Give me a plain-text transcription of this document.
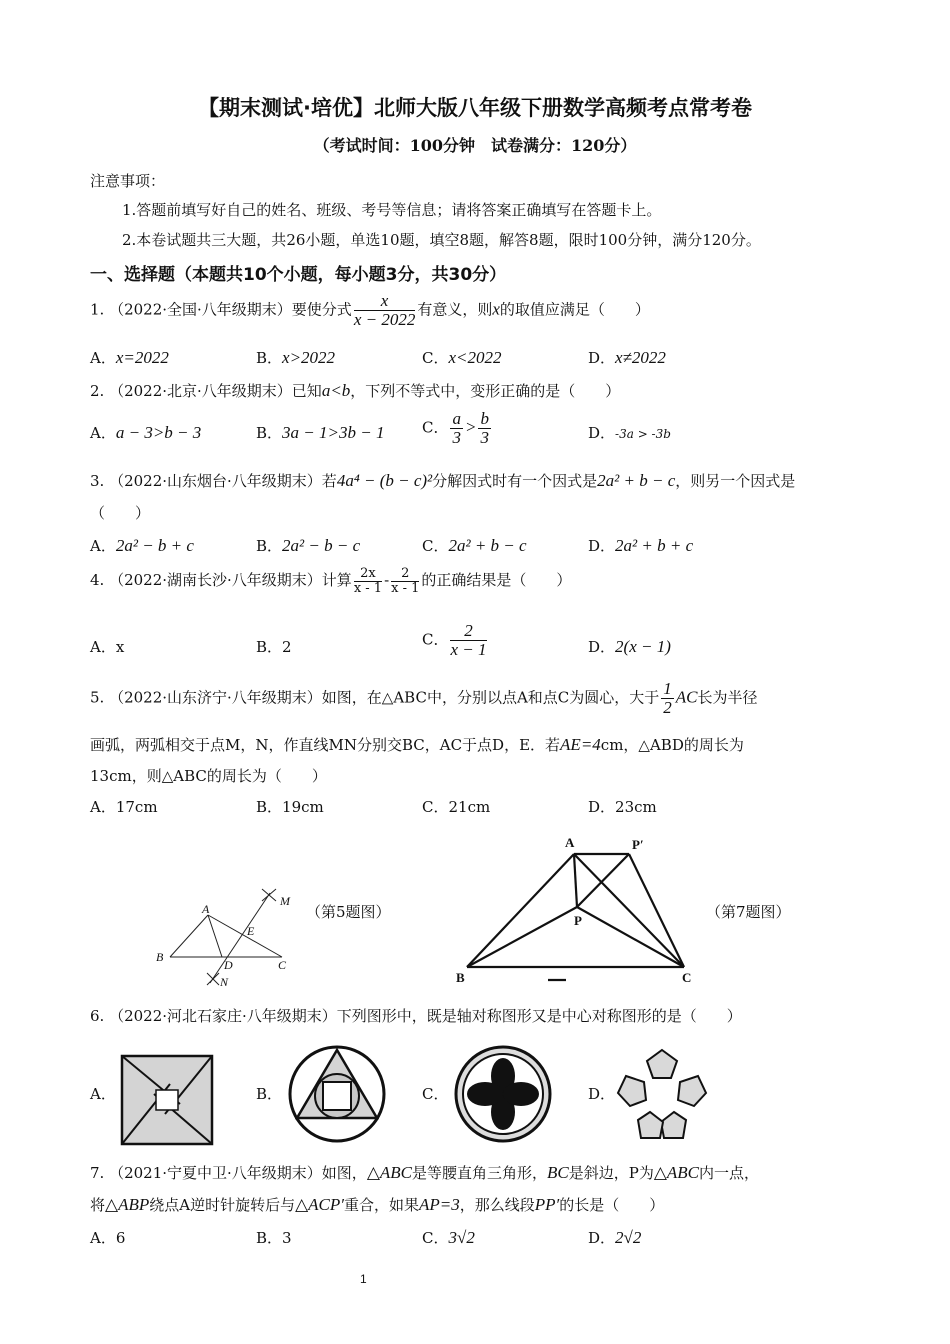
【期末测试·培优】北师大版八年级下册数学高频考点常考卷
（考试时间：100分钟　试卷满分：120分）
注意事项：
1.答题前填写好自己的姓名、班级、考号等信息；请将答案正确填写在答题卡上。
2.本卷试题共三大题，共26小题，单选10题，填空8题，解答8题，限时100分钟，满分120分。
一、选择题（本题共10个小题，每小题3分，共30分）
1. （2022·全国·八年级期末）要使分式 $\frac{x}{x - 2022}$ 有意义，则x的取值应满足（　　）
A．x=2022	B．x>2022	C．x<2022	D．x≠2022
2. （2022·北京·八年级期末）已知a<b，下列不等式中，变形正确的是（　　）
A．a − 3>b − 3	B．3a − 1>3b − 1	C． $\frac{a}{3} > \frac{b}{3}$	D．-3a > -3b
3. （2022·山东烟台·八年级期末）若4a⁴ − (b − c)²分解因式时有一个因式是2a² + b − c，则另一个因式是
（　　）
A．2a² − b + c	B．2a² − b − c	C．2a² + b − c	D．2a² + b + c
4. （2022·湖南长沙·八年级期末）计算 $\frac{2x}{x - 1} - \frac{2}{x - 1}$ 的正确结果是（　　）
A．x	B．2	C． $\frac{2}{x - 1}$	D．2(x − 1)
5. （2022·山东济宁·八年级期末）如图，在△ABC中，分别以点A和点C为圆心，大于 $\frac{1}{2}$ AC长为半径
画弧，两弧相交于点M，N，作直线MN分别交BC，AC于点D，E．若AE=4cm，△ABD的周长为
13cm，则△ABC的周长为（　　）
A．17cm	B．19cm	C．21cm	D．23cm
A
M
E
B
D	C
N
（第5题图）
A	P′
P
B	C
（第7题图）
6. （2022·河北石家庄·八年级期末）下列图形中，既是轴对称图形又是中心对称图形的是（　　）
A．	B．	C．	D．
7. （2021·宁夏中卫·八年级期末）如图，△ABC是等腰直角三角形，BC是斜边，P为△ABC内一点，
将△ABP绕点A逆时针旋转后与△ACP′重合，如果AP=3，那么线段PP′的长是（　　）
A．6	B．3	C．3√2	D．2√2
1
